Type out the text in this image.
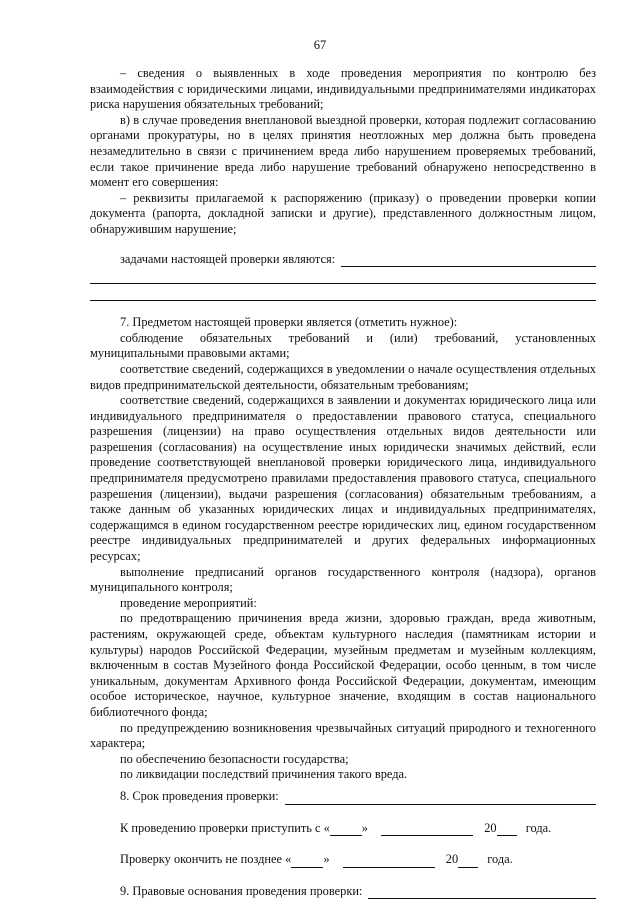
67

– сведения о выявленных в ходе проведения мероприятия по контролю без взаимодействия с юридическими лицами, индивидуальными предпринимателями индикаторах риска нарушения обязательных требований;

в) в случае проведения внеплановой выездной проверки, которая подлежит согласованию органами прокуратуры, но в целях принятия неотложных мер должна быть проведена незамедлительно в связи с причинением вреда либо нарушением проверяемых требований, если такое причинение вреда либо нарушение требований обнаружено непосредственно в момент его совершения:

– реквизиты прилагаемой к распоряжению (приказу) о проведении проверки копии документа (рапорта, докладной записки и другие), представленного должностным лицом, обнаружившим нарушение;

задачами настоящей проверки являются:

7. Предметом настоящей проверки является (отметить нужное):

соблюдение обязательных требований и (или) требований, установленных муниципальными правовыми актами;

соответствие сведений, содержащихся в уведомлении о начале осуществления отдельных видов предпринимательской деятельности, обязательным требованиям;

соответствие сведений, содержащихся в заявлении и документах юридического лица или индивидуального предпринимателя о предоставлении правового статуса, специального разрешения (лицензии) на право осуществления отдельных видов деятельности или разрешения (согласования) на осуществление иных юридически значимых действий, если проведение соответствующей внеплановой проверки юридического лица, индивидуального предпринимателя предусмотрено правилами предоставления правового статуса, специального разрешения (лицензии), выдачи разрешения (согласования) обязательным требованиям, а также данным об указанных юридических лицах и индивидуальных предпринимателях, содержащимся в едином государственном реестре юридических лиц, едином государственном реестре индивидуальных предпринимателей и других федеральных информационных ресурсах;

выполнение предписаний органов государственного контроля (надзора), органов муниципального контроля;

проведение мероприятий:

по предотвращению причинения вреда жизни, здоровью граждан, вреда животным, растениям, окружающей среде, объектам культурного наследия (памятникам истории и культуры) народов Российской Федерации, музейным предметам и музейным коллекциям, включенным в состав Музейного фонда Российской Федерации, особо ценным, в том числе уникальным, документам Архивного фонда Российской Федерации, документам, имеющим особое историческое, научное, культурное значение, входящим в состав национального библиотечного фонда;

по предупреждению возникновения чрезвычайных ситуаций природного и техногенного характера;

по обеспечению безопасности государства;

по ликвидации последствий причинения такого вреда.

8. Срок проведения проверки:
К проведению проверки приступить с «	»	20 года.
Проверку окончить не позднее «	»	20 года.
9. Правовые основания проведения проверки:
